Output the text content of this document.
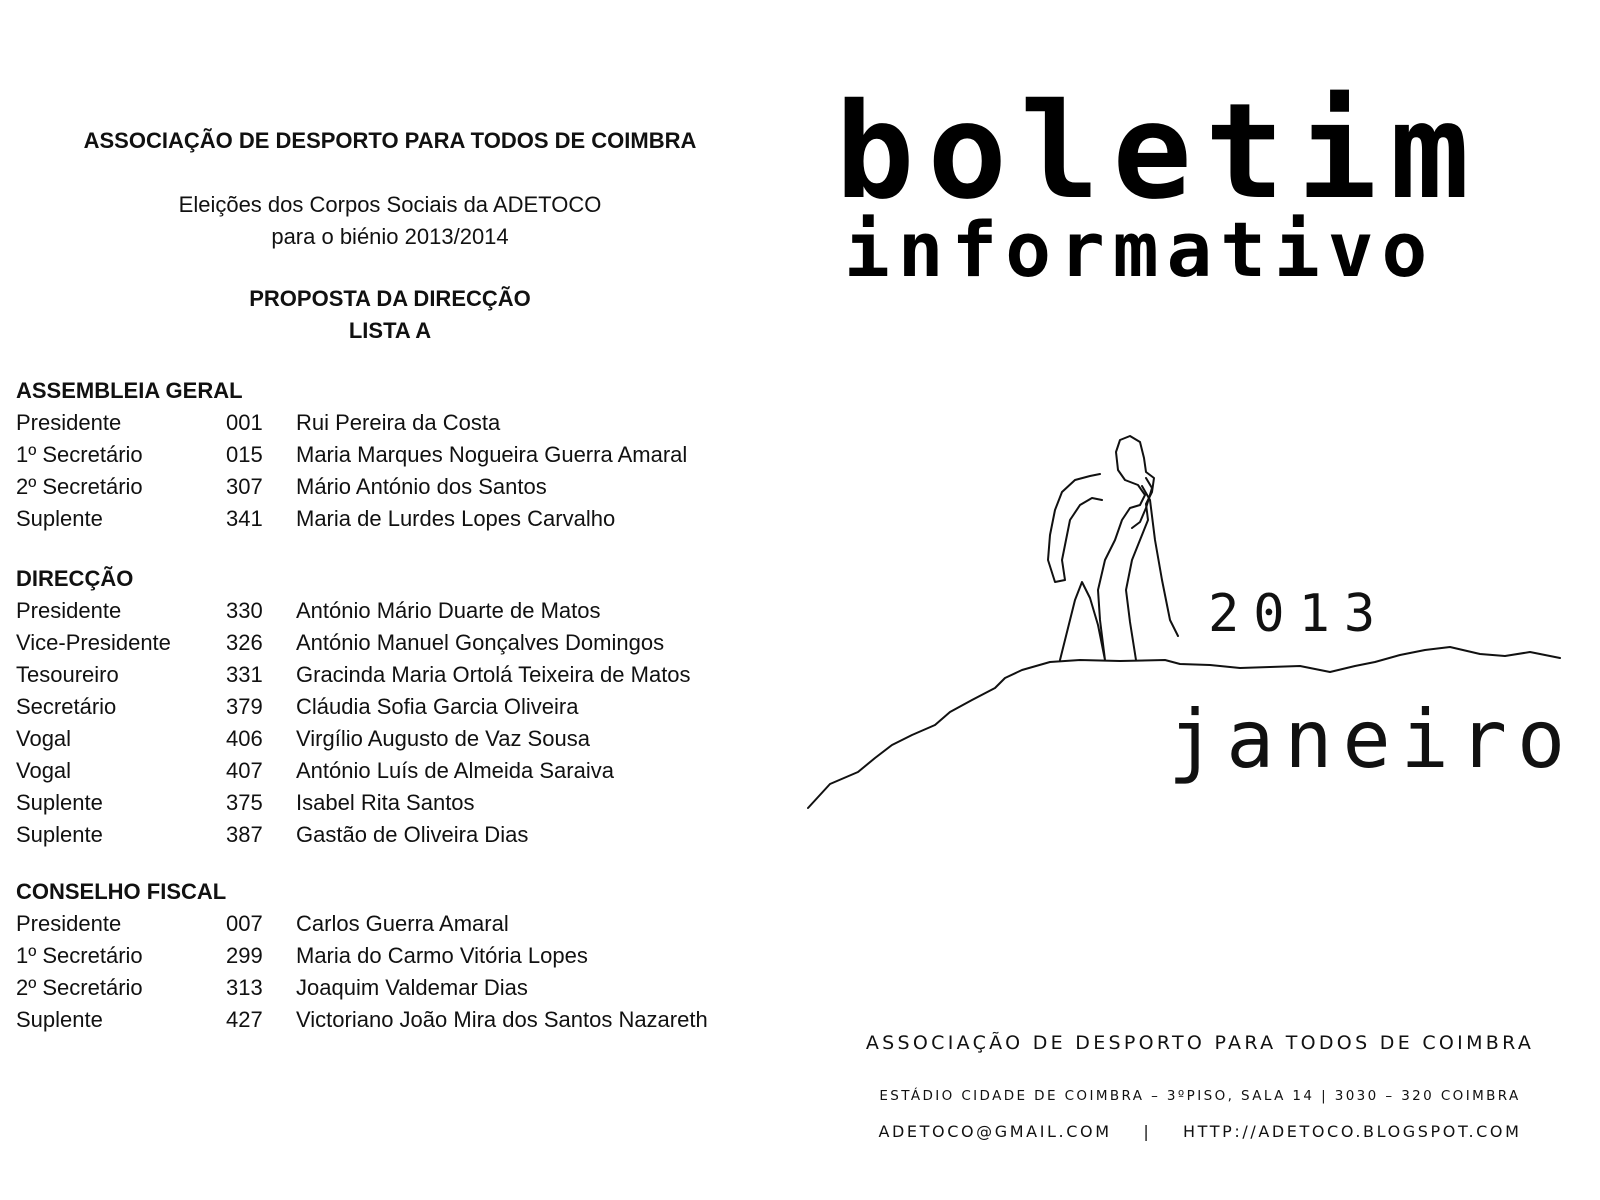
ASSOCIAÇÃO DE DESPORTO PARA TODOS DE COIMBRA
Eleições dos Corpos Sociais da ADETOCO
para o biénio 2013/2014
PROPOSTA DA DIRECÇÃO
LISTA A
ASSEMBLEIA GERAL
Presidente	001	Rui Pereira da Costa
1º Secretário	015	Maria Marques Nogueira Guerra Amaral
2º Secretário	307	Mário António dos Santos
Suplente	341	Maria de Lurdes Lopes Carvalho
DIRECÇÃO
Presidente	330	António Mário Duarte de Matos
Vice-Presidente	326	António Manuel Gonçalves Domingos
Tesoureiro	331	Gracinda Maria Ortolá Teixeira de Matos
Secretário	379	Cláudia Sofia Garcia Oliveira
Vogal	406	Virgílio Augusto de Vaz Sousa
Vogal	407	António Luís de Almeida Saraiva
Suplente	375	Isabel Rita Santos
Suplente	387	Gastão de Oliveira Dias
CONSELHO FISCAL
Presidente	007	Carlos Guerra Amaral
1º Secretário	299	Maria do Carmo Vitória Lopes
2º Secretário	313	Joaquim Valdemar Dias
Suplente	427	Victoriano João Mira dos Santos Nazareth
boletim
informativo
2013
janeiro
ASSOCIAÇÃO DE DESPORTO PARA TODOS DE COIMBRA
ESTÁDIO CIDADE DE COIMBRA – 3ºPISO, SALA 14 | 3030 – 320 COIMBRA
ADETOCO@GMAIL.COM | HTTP://ADETOCO.BLOGSPOT.COM
